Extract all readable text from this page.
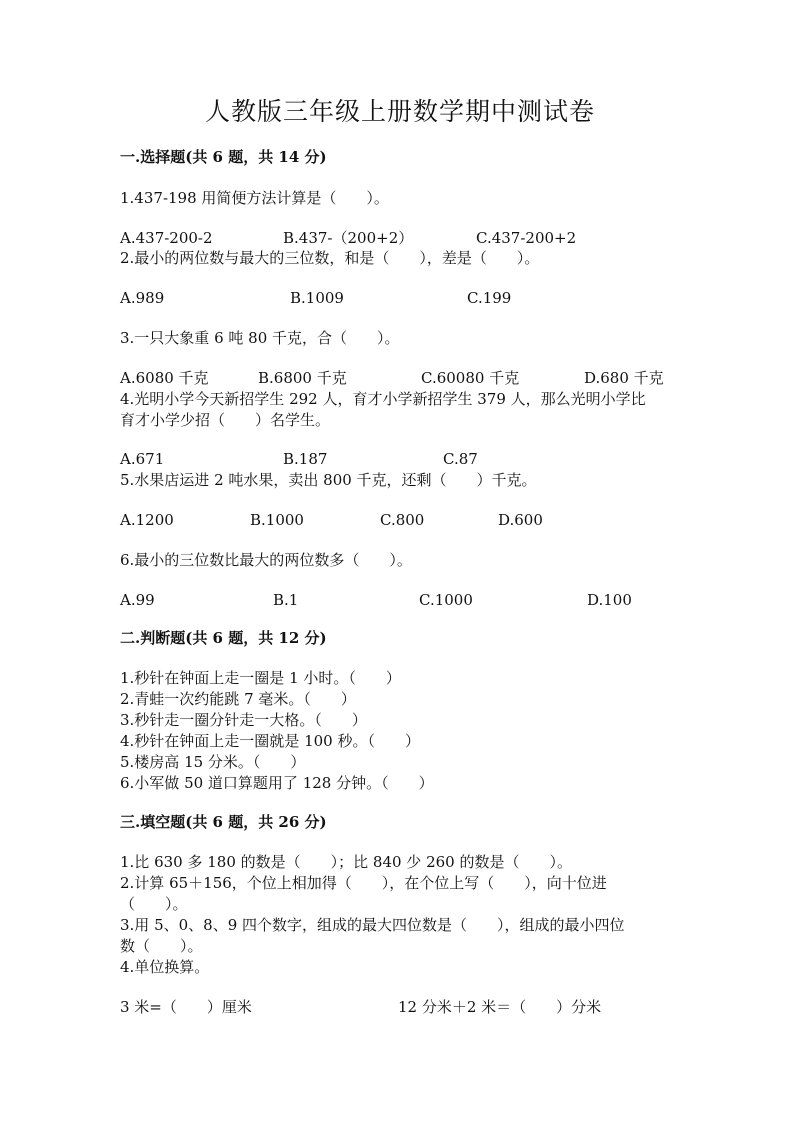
人教版三年级上册数学期中测试卷
一.选择题(共 6 题，共 14 分)
1.437-198 用简便方法计算是（　　）。
A.437-200-2	B.437-（200+2）	C.437-200+2
2.最小的两位数与最大的三位数，和是（　　），差是（　　）。
A.989	B.1009	C.199
3.一只大象重 6 吨 80 千克，合（　　）。
A.6080 千克	B.6800 千克	C.60080 千克	D.680 千克
4.光明小学今天新招学生 292 人，育才小学新招学生 379 人，那么光明小学比
育才小学少招（　　）名学生。
A.671	B.187	C.87
5.水果店运进 2 吨水果，卖出 800 千克，还剩（　　）千克。
A.1200	B.1000	C.800	D.600
6.最小的三位数比最大的两位数多（　　）。
A.99	B.1	C.1000	D.100
二.判断题(共 6 题，共 12 分)
1.秒针在钟面上走一圈是 1 小时。（　　）
2.青蛙一次约能跳 7 毫米。（　　）
3.秒针走一圈分针走一大格。（　　）
4.秒针在钟面上走一圈就是 100 秒。（　　）
5.楼房高 15 分米。（　　）
6.小军做 50 道口算题用了 128 分钟。（　　）
三.填空题(共 6 题，共 26 分)
1.比 630 多 180 的数是（　　）；比 840 少 260 的数是（　　）。
2.计算 65＋156，个位上相加得（　　），在个位上写（　　），向十位进
（　　）。
3.用 5、0、8、9 四个数字，组成的最大四位数是（　　），组成的最小四位
数（　　）。
4.单位换算。
3 米=（　　）厘米	12 分米＋2 米＝（　　）分米
